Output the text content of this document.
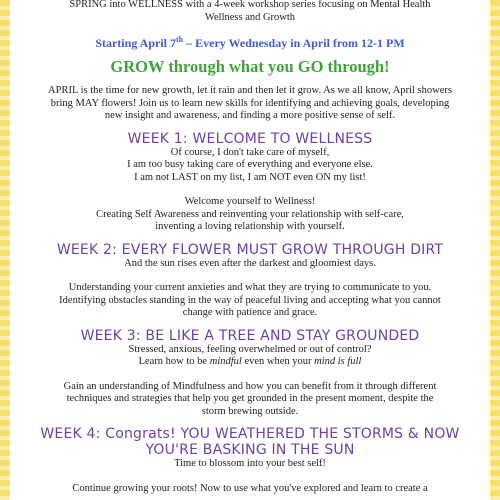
SPRING into WELLNESS with a 4-week workshop series focusing on Mental Health
Wellness and Growth
Starting April 7th – Every Wednesday in April from 12-1 PM
GROW through what you GO through!
APRIL is the time for new growth, let it rain and then let it grow. As we all know, April showers
bring MAY flowers! Join us to learn new skills for identifying and achieving goals, developing
new insight and awareness, and finding a more positive sense of self.
WEEK 1: WELCOME TO WELLNESS

Of course, I don't take care of myself,

I am too busy taking care of everything and everyone else.

I am not LAST on my list, I am NOT even ON my list!

Welcome yourself to Wellness!

Creating Self Awareness and reinventing your relationship with self-care,

inventing a loving relationship with yourself.

WEEK 2: EVERY FLOWER MUST GROW THROUGH DIRT

And the sun rises even after the darkest and gloomiest days.

Understanding your current anxieties and what they are trying to communicate to you.

Identifying obstacles standing in the way of peaceful living and accepting what you cannot

change with patience and grace.

WEEK 3: BE LIKE A TREE AND STAY GROUNDED

Stressed, anxious, feeling overwhelmed or out of control?

Learn how to be mindful even when your mind is full

Gain an understanding of Mindfulness and how you can benefit from it through different

techniques and strategies that help you get grounded in the present moment, despite the

storm brewing outside.

WEEK 4: Congrats! YOU WEATHERED THE STORMS & NOW YOU'RE BASKING IN THE SUN

Time to blossom into your best self!

Continue growing your roots! Now to use what you've explored and learn to create a
